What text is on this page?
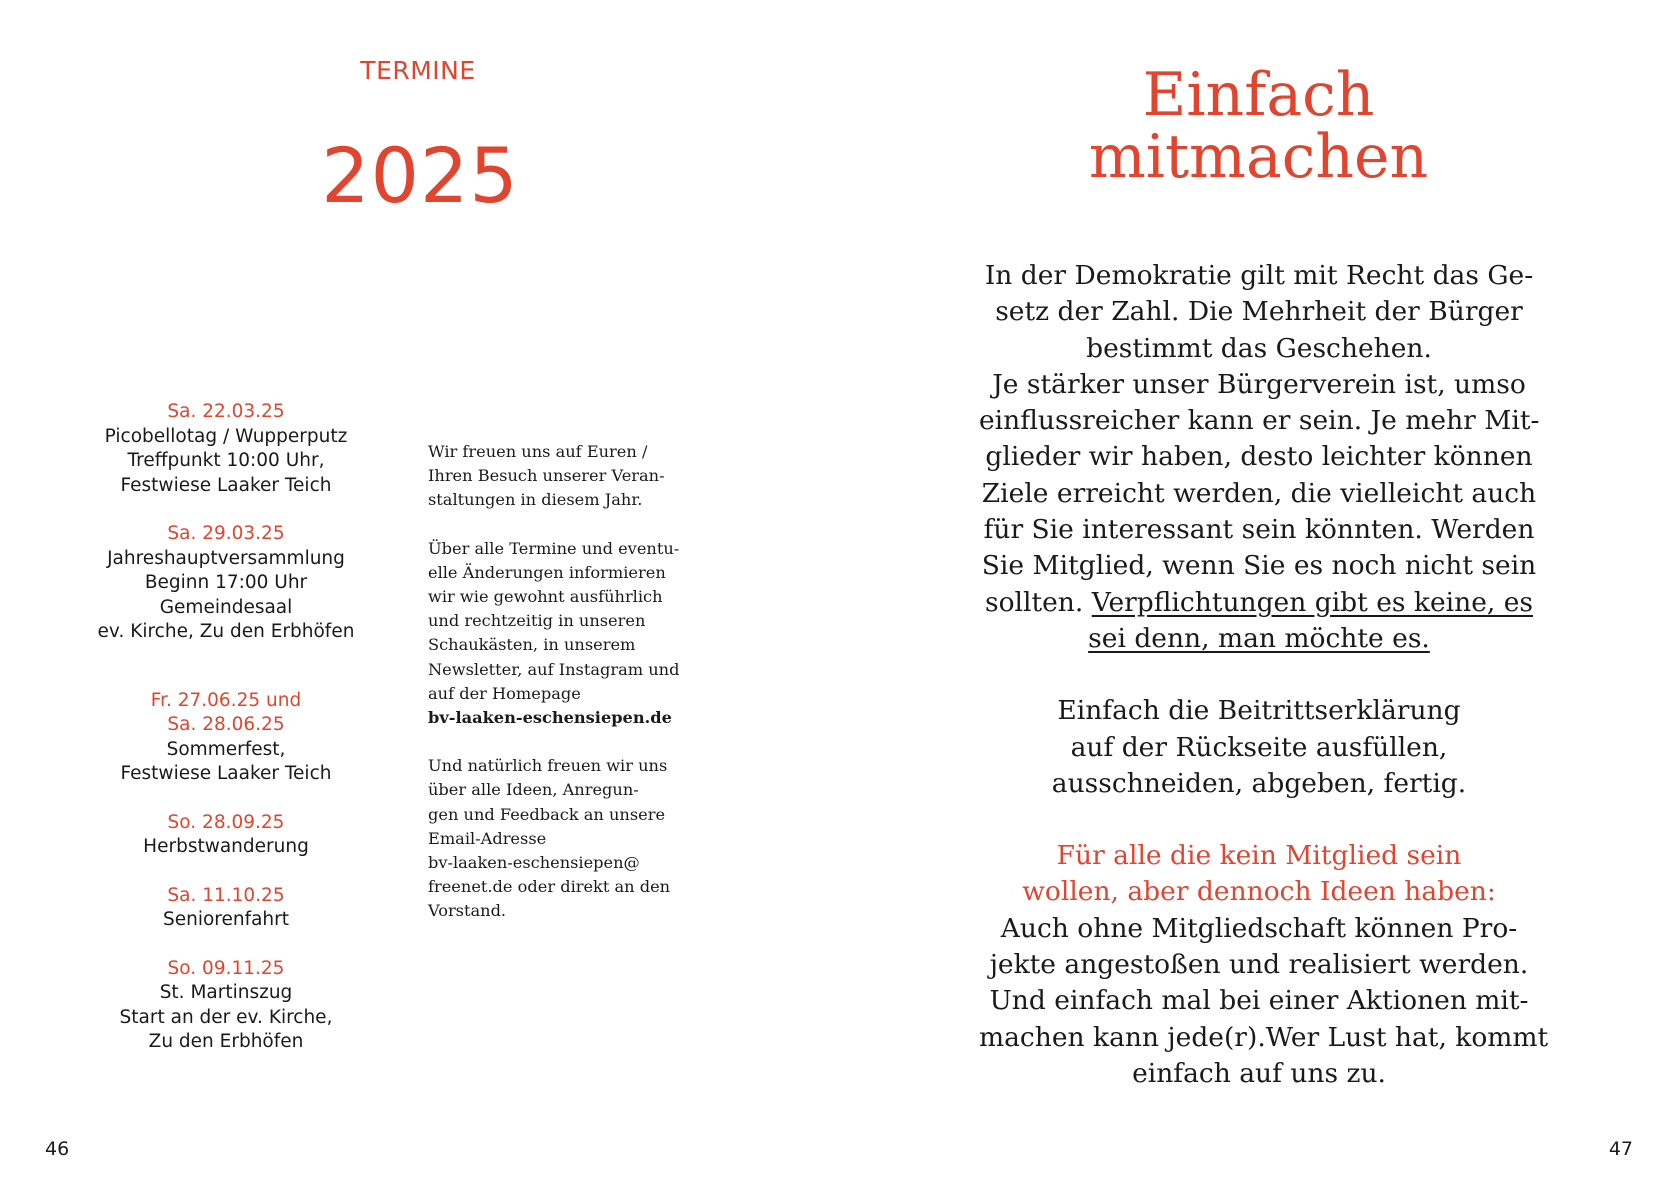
TERMINE
2025
Sa. 22.03.25
Picobellotag / Wupperputz
Treffpunkt 10:00 Uhr,
Festwiese Laaker Teich
Sa. 29.03.25
Jahreshauptversammlung
Beginn 17:00 Uhr
Gemeindesaal
ev. Kirche, Zu den Erbhöfen
Fr. 27.06.25 und
Sa. 28.06.25
Sommerfest,
Festwiese Laaker Teich
So. 28.09.25
Herbstwanderung
Sa. 11.10.25
Seniorenfahrt
So. 09.11.25
St. Martinszug
Start an der ev. Kirche,
Zu den Erbhöfen

Wir freuen uns auf Euren /
Ihren Besuch unserer Veran-
staltungen in diesem Jahr.

Über alle Termine und eventu-
elle Änderungen informieren
wir wie gewohnt ausführlich
und rechtzeitig in unseren
Schaukästen, in unserem
Newsletter, auf Instagram und
auf der Homepage
bv-laaken-eschensiepen.de

Und natürlich freuen wir uns
über alle Ideen, Anregun-
gen und Feedback an unsere
Email-Adresse
bv-laaken-eschensiepen@
freenet.de oder direkt an den
Vorstand.

46
Einfach
mitmachen

In der Demokratie gilt mit Recht das Ge-
setz der Zahl. Die Mehrheit der Bürger
bestimmt das Geschehen.
Je stärker unser Bürgerverein ist, umso
einflussreicher kann er sein. Je mehr Mit-
glieder wir haben, desto leichter können
Ziele erreicht werden, die vielleicht auch
für Sie interessant sein könnten. Werden
Sie Mitglied, wenn Sie es noch nicht sein
sollten. Verpflichtungen gibt es keine, es
sei denn, man möchte es.

Einfach die Beitrittserklärung
auf der Rückseite ausfüllen,
ausschneiden, abgeben, fertig.

Für alle die kein Mitglied sein
wollen, aber dennoch Ideen haben:
Auch ohne Mitgliedschaft können Pro-
jekte angestoßen und realisiert werden.
Und einfach mal bei einer Aktionen mit-
machen kann jede(r).Wer Lust hat, kommt
einfach auf uns zu.

47
